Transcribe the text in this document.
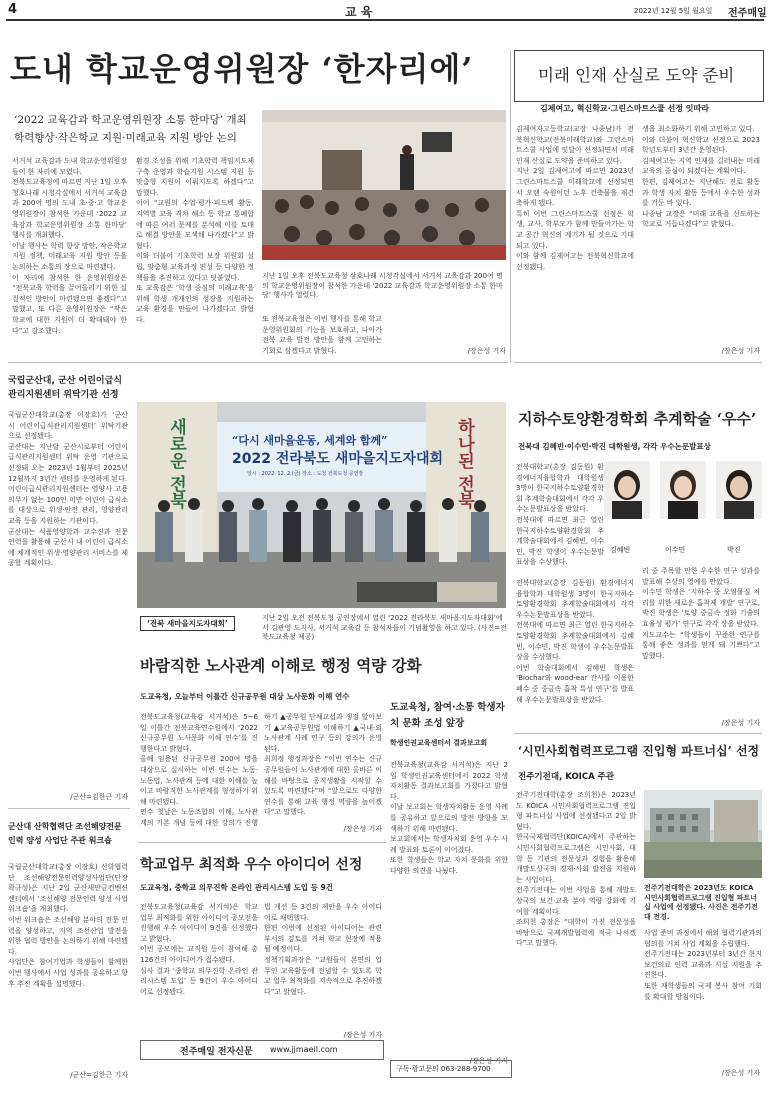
4	교 육	2022년 12월 5일 월요일 전주매일
도내 학교운영위원장 ‘한자리에’
‘2022 교육감과 학교운영위원장 소통 한마당’ 개최
학력향상·작은학교 지원·미래교육 지원 방안 논의
지난 1일 오후 전북도교육청 삼호나래 시청각실에서 서거석 교육감과 200여 명의 학교운영위원장이 참석한 가운데 ‘2022 교육감과 학교운영위원장 소통 한마당’ 행사가 열렸다.
서거석 교육감과 도내 학교운영위원장들이 한 자리에 모였다.
전북도교육청에 따르면 지난 1일 오후 청호나래 시청각실에서 서거석 교육감과 200여 명의 도내 초·중·고 학교운영위원장이 참석한 가운데 ‘2022 교육감과 학교운영위원장 소통 한마당’ 행사를 개최했다.
이날 행사는 학력 향상 방안, 작은학교 지원 정책, 미래교육 지원 방안 등을 논의하는 소통의 장으로 마련됐다.
이 자리에 참석한 한 운영위원장은 “전북교육 학력을 끌어올리기 위한 실질적인 방안이 마련됐으면 좋겠다”고 말했고, 또 다른 운영위원장은 “작은학교에 대한 지원이 더 확대돼야 한다”고 강조했다.
환경 조성을 위해 기초학력 책임지도제 구축 운영과 학습지원 시스템 지원 등 맞춤형 지원이 이뤄지도록 하겠다”고 말했다.
이어 “교원의 수업·평가·피드백 활동, 지역별 교육 격차 해소 등 학교 통폐합에 따른 여러 문제를 분석해 이를 토대로 해결 방안을 모색해 나가겠다”고 밝혔다.
이와 더불어 기초학력 보장 위원회 설립, 맞춤형 교육과정 편성 등 다양한 정책들을 추진하고 있다고 덧붙였다.
또 교육감은 ‘학생 중심의 미래교육’을 위해 학생 개개인의 성장을 지원하는 교육 환경을 만들어 나가겠다고 밝혔다.	또 전북교육청은 이번 행사를 통해 학교운영위원회의 기능을 보호하고, 나아가 전북 교육 발전 방안을 함께 고민하는 기회로 삼겠다고 밝혔다.	/장은성 기자
미래 인재 산실로 도약 준비
김제여고, 혁신학교·그린스마트스쿨 선정 잇따라
김제여자고등학교(교장 나종남)가 전북혁신학교(전북미래학교)와 그린스마트스쿨 사업에 잇달아 선정되면서 미래인재 산실로 도약을 준비하고 있다.
지난 2일 김제여고에 따르면 2023년 그린스마트스쿨 미래학교에 선정되면서 오랜 숙원이던 노후 건축물을 재건축하게 됐다.
특히 이번 그린스마트스쿨 선정은 학생, 교사, 학부모가 함께 만들어가는 학교 공간 혁신의 계기가 될 것으로 기대되고 있다.
이와 함께 김제여고는 전북혁신학교에 선정됐다.
생을 최소화하기 위해 고민하고 있다.
이와 더불어 혁신학교 선정으로 2023학년도부터 3년간 운영된다.
김제여고는 지역 인재를 길러내는 미래 교육의 중심이 되겠다는 계획이다.
한편, 김제여고는 지난해도 진로 활동과 학생 자치 활동 등에서 우수한 성과를 거둔 바 있다.
나종남 교장은 “미래 교육을 선도하는 학교로 거듭나겠다”고 밝혔다.
/장은성 기자
국립군산대, 군산 어린이급식관리지원센터 위탁기관 선정
국립군산대학교(총장 이장호)가 ‘군산시 어린이급식관리지원센터’ 위탁기관으로 선정됐다.
군산대는 지난달 군산시로부터 어린이급식관리지원센터 위탁 운영 기관으로 선정돼 오는 2023년 1월부터 2025년 12월까지 3년간 센터를 운영하게 된다.
어린이급식관리지원센터는 영양사 고용 의무가 없는 100인 미만 어린이 급식소를 대상으로 위생·안전 관리, 영양관리 교육 등을 지원하는 기관이다.
군산대는 식품영양학과 교수진과 전문 인력을 활용해 군산시 내 어린이 급식소에 체계적인 위생·영양관리 서비스를 제공할 계획이다.
/군산=김한근 기자
“다시 새마을운동, 세계와 함께”
2022 전라북도 새마을지도자대회
일시 : 2022. 12. 2.(금) 장소 : 도청 전북도청 공연장
새로운 전북	하나된 전북
‘전북 새마을지도자대회’
지난 2일 오전 전북도청 공연장에서 열린 ‘2022 전라북도 새마을지도자대회’에서 김관영 도지사, 서거석 교육감 등 참석자들이 기념촬영을 하고 있다. (사진=전북도교육청 제공)
지하수토양환경학회 추계학술 ‘우수’
전북대 김혜빈·이수민·박진 대학원생, 각각 우수논문발표상
전북대학교(총장 김동원) 환경에너지융합학과 대학원생 3명이 한국지하수토양환경학회 추계학술대회에서 각각 우수논문발표상을 받았다.
전북대에 따르면 최근 열린 한국지하수토양환경학회 추계학술대회에서 김혜빈, 이수민, 박진 학생이 우수논문발표상을 수상했다.

전북대학교(총장 김동원) 환경에너지융합학과 대학원생 3명이 한국지하수토양환경학회 추계학술대회에서 각각 우수논문발표상을 받았다.
전북대에 따르면 최근 열린 한국지하수토양환경학회 추계학술대회에서 김혜빈, 이수민, 박진 학생이 우수논문발표상을 수상했다.
이번 학술대회에서 김혜빈 학생은 ‘Biochar와 wood-ear 잔사를 이용한 폐수 중 중금속 흡착 특성 연구’를 발표해 우수논문발표상을 받았다.
김혜빈	이수민	박진
리 중 주목할 만한 우수한 연구 성과를 발표해 수상의 영예를 안았다.
이수민 학생은 ‘지하수 중 오염물질 처리를 위한 새로운 흡착제 개발’ 연구로, 박진 학생은 ‘토양 중금속 정화 기술의 효율성 평가’ 연구로 각각 상을 받았다.
지도교수는 “학생들이 꾸준한 연구를 통해 좋은 성과를 얻게 돼 기쁘다”고 말했다.
/장은성 기자
바람직한 노사관계 이해로 행정 역량 강화
도교육청, 오늘부터 이틀간 신규공무원 대상 노사문화 이해 연수
전북도교육청(교육감 서거석)은 5~6일 이틀간 전북교육연수원에서 ‘2022 신규공무원 노사문화 이해 연수’를 진행한다고 밝혔다.
올해 임용된 신규공무원 200여 명을 대상으로 실시하는 이번 연수는 노동·노동법, 노사관계 등에 대한 이해를 높이고 바람직한 노사관계를 형성하기 위해 마련됐다.
연수 첫날은 노동조합의 이해, 노사관계의 기본 개념 등에 대한 강의가 진행
하기 ▲공무원 단체교섭과 쟁점 알아보기 ▲교육공무원법 이해하기 ▲국내·외 노사관계 사례 연구 등의 강의가 운영된다.
최희정 행정과장은 “이번 연수는 신규공무원들이 노사관계에 대한 올바른 이해를 바탕으로 공직생활을 시작할 수 있도록 마련됐다”며 “앞으로도 다양한 연수를 통해 교육 행정 역량을 높이겠다”고 말했다.
/장은성 기자
도교육청, 참여·소통 학생자치 문화 조성 앞장
학생인권교육센터서 결과보고회
전북교육청(교육감 서거석)은 지난 2일 학생인권교육센터에서 2022 학생자치활동 결과보고회를 가졌다고 밝혔다.
이날 보고회는 학생자치활동 운영 사례를 공유하고 앞으로의 발전 방향을 모색하기 위해 마련됐다.
보고회에서는 학생자치회 운영 우수 사례 발표와 토론이 이어졌다.
또한 학생들은 학교 자치 문화를 위한 다양한 의견을 나눴다.
/장은성 기자
군산대 산학협력단 조선해양전문인력 양성 사업단 주관 워크숍
국립군산대학교(총장 이장호) 산학협력단 조선해양전문인력양성사업단(단장 곽규성)은 지난 2일 군산새만금컨벤션센터에서 ‘조선해양 전문인력 양성 사업 워크숍’을 개최했다.
이번 워크숍은 조선해양 분야의 전문 인력을 양성하고, 지역 조선산업 발전을 위한 협력 방안을 논의하기 위해 마련됐다.
사업단은 참여기업과 학생들이 함께한 이번 행사에서 사업 성과를 공유하고 향후 추진 계획을 설명했다.
/군산=김한근 기자
학교업무 최적화 우수 아이디어 선정
도교육청, 중학교 의무진학 온라인 관리시스템 도입 등 9건
전북도교육청(교육감 서거석)은 학교업무 최적화를 위한 아이디어 공모전을 진행해 우수 아이디어 9건을 선정했다고 밝혔다.
이번 공모에는 교직원 등이 참여해 총 126건의 아이디어가 접수됐다.
심사 결과 ‘중학교 의무진학 온라인 관리시스템 도입’ 등 9건이 우수 아이디어로 선정됐다.
법 개선 등 3건의 제안을 우수 아이디어로 채택했다.
한편 이번에 선정된 아이디어는 관련 부서의 검토를 거쳐 학교 현장에 적용될 예정이다.
정책기획과장은 “교원들이 본연의 업무인 교육활동에 전념할 수 있도록 학교 업무 최적화를 지속적으로 추진하겠다”고 밝혔다.
/장은성 기자
‘시민사회협력프로그램 진입형 파트너십’ 선정
전주기전대, KOICA 주관
전주기전대학(총장 조희천)은 2023년도 KOICA 시민사회협력프로그램 진입형 파트너십 사업에 선정됐다고 2일 밝혔다.
한국국제협력단(KOICA)에서 주관하는 시민사회협력프로그램은 시민사회, 대학 등 기관의 전문성과 경험을 활용해 개발도상국의 경제·사회 발전을 지원하는 사업이다.
전주기전대는 이번 사업을 통해 개발도상국의 보건·교육 분야 역량 강화에 기여할 계획이다.
조희천 총장은 “대학이 가진 전문성을 바탕으로 국제개발협력에 적극 나서겠다”고 말했다.
전주기전대학은 2023년도 KOICA 시민사회협력프로그램 진입형 파트너십 사업에 선정됐다. 사진은 전주기전대 전경.
사업 준비 과정에서 해외 협력기관과의 협의를 거쳐 사업 계획을 수립했다.
전주기전대는 2023년부터 3년간 현지 보건의료 인력 교육과 시설 지원을 추진한다.
또한 재학생들의 국제 봉사 참여 기회를 확대할 방침이다.
/장은성 기자
전주매일 전자신문 www.jjmaeil.com
구독·광고문의 063-288-9700
